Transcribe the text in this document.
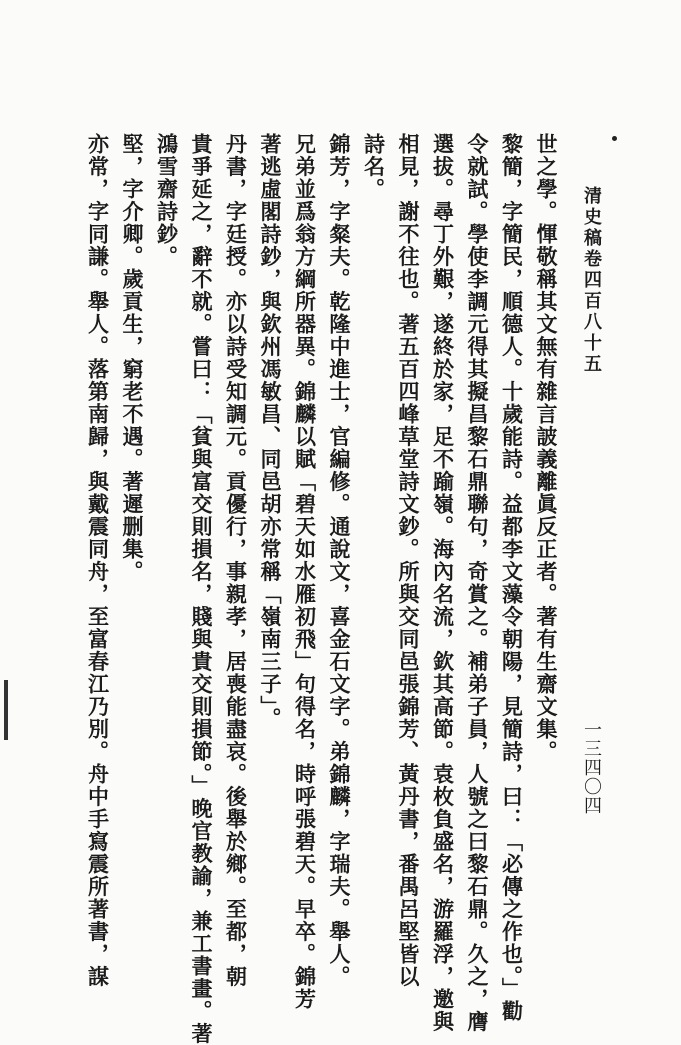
清史稿卷四百八十五
一三四〇四
世之學。惲敬稱其文無有雜言詖義離眞反正者。著有生齋文集。
黎簡，字簡民，順德人。十歲能詩。益都李文藻令朝陽，見簡詩，曰：「必傳之作也。」勸
令就試。學使李調元得其擬昌黎石鼎聯句，奇賞之。補弟子員，人號之曰黎石鼎。久之，膺
選拔。尋丁外艱，遂終於家，足不踰嶺。海內名流，欽其高節。袁枚負盛名，游羅浮，邀與
相見，謝不往也。著五百四峰草堂詩文鈔。所與交同邑張錦芳、黃丹書，番禺呂堅皆以
詩名。
錦芳，字粲夫。乾隆中進士，官編修。通說文，喜金石文字。弟錦麟，字瑞夫。舉人。
兄弟並爲翁方綱所器異。錦麟以賦「碧天如水雁初飛」句得名，時呼張碧天。早卒。錦芳
著逃虛閣詩鈔，與欽州馮敏昌、同邑胡亦常稱「嶺南三子」。
丹書，字廷授。亦以詩受知調元。貢優行，事親孝，居喪能盡哀。後舉於鄉。至都，朝
貴爭延之，辭不就。嘗曰：「貧與富交則損名，賤與貴交則損節。」晚官教諭，兼工書畫。著
鴻雪齋詩鈔。
堅，字介卿。歲貢生，窮老不遇。著遲删集。
亦常，字同謙。舉人。落第南歸，與戴震同舟，至富春江乃別。舟中手寫震所著書，謀
